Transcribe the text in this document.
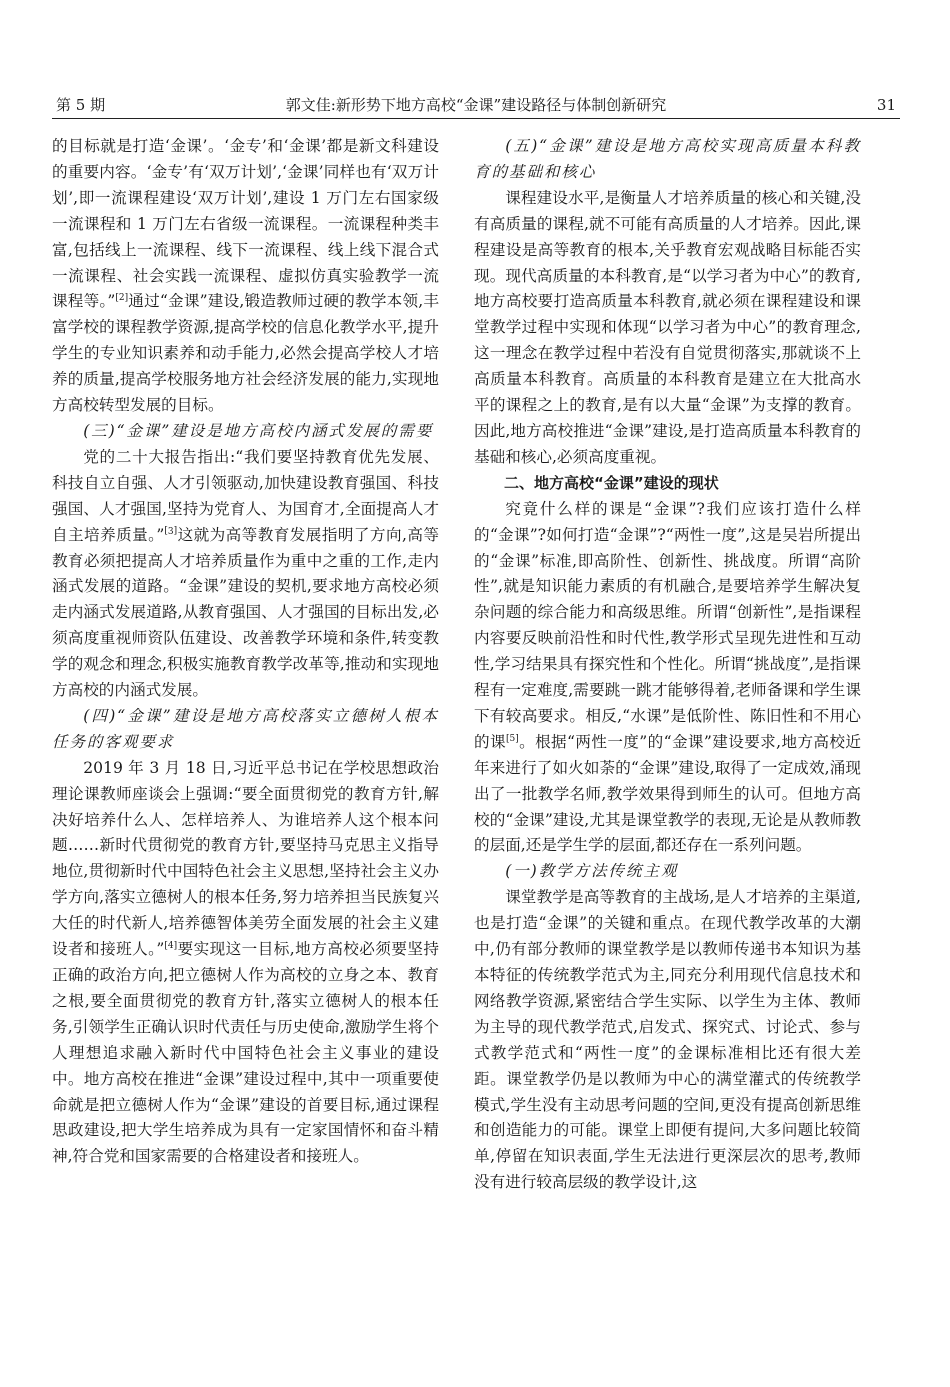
第 5 期	郭文佳:新形势下地方高校“金课”建设路径与体制创新研究	31

的目标就是打造‘金课’。‘金专’和‘金课’都是新文科建设的重要内容。‘金专’有‘双万计划’,‘金课’同样也有‘双万计划’,即一流课程建设‘双万计划’,建设 1 万门左右国家级一流课程和 1 万门左右省级一流课程。一流课程种类丰富,包括线上一流课程、线下一流课程、线上线下混合式一流课程、社会实践一流课程、虚拟仿真实验教学一流课程等。” [ $^2$ ] 通过“金课”建设,锻造教师过硬的教学本领,丰富学校的课程教学资源,提高学校的信息化教学水平,提升学生的专业知识素养和动手能力,必然会提高学校人才培养的质量,提高学校服务地方社会经济发展的能力,实现地方高校转型发展的目标。

(三)“金课”建设是地方高校内涵式发展的需要

党的二十大报告指出:“我们要坚持教育优先发展、科技自立自强、人才引领驱动,加快建设教育强国、科技强国、人才强国,坚持为党育人、为国育才,全面提高人才自主培养质量。” [ $^3$ ] 这就为高等教育发展指明了方向,高等教育必须把提高人才培养质量作为重中之重的工作,走内涵式发展的道路。“金课”建设的契机,要求地方高校必须走内涵式发展道路,从教育强国、人才强国的目标出发,必须高度重视师资队伍建设、改善教学环境和条件,转变教学的观念和理念,积极实施教育教学改革等,推动和实现地方高校的内涵式发展。

(四)“金课”建设是地方高校落实立德树人根本任务的客观要求

2019 年 3 月 18 日,习近平总书记在学校思想政治理论课教师座谈会上强调:“要全面贯彻党的教育方针,解决好培养什么人、怎样培养人、为谁培养人这个根本问题……新时代贯彻党的教育方针,要坚持马克思主义指导地位,贯彻新时代中国特色社会主义思想,坚持社会主义办学方向,落实立德树人的根本任务,努力培养担当民族复兴大任的时代新人,培养德智体美劳全面发展的社会主义建设者和接班人。” [ $^4$ ] 要实现这一目标,地方高校必须要坚持正确的政治方向,把立德树人作为高校的立身之本、教育之根,要全面贯彻党的教育方针,落实立德树人的根本任务,引领学生正确认识时代责任与历史使命,激励学生将个人理想追求融入新时代中国特色社会主义事业的建设中。地方高校在推进“金课”建设过程中,其中一项重要使命就是把立德树人作为“金课”建设的首要目标,通过课程思政建设,把大学生培养成为具有一定家国情怀和奋斗精神,符合党和国家需要的合格建设者和接班人。

(五)“金课”建设是地方高校实现高质量本科教育的基础和核心

课程建设水平,是衡量人才培养质量的核心和关键,没有高质量的课程,就不可能有高质量的人才培养。因此,课程建设是高等教育的根本,关乎教育宏观战略目标能否实现。现代高质量的本科教育,是“以学习者为中心”的教育,地方高校要打造高质量本科教育,就必须在课程建设和课堂教学过程中实现和体现“以学习者为中心”的教育理念,这一理念在教学过程中若没有自觉贯彻落实,那就谈不上高质量本科教育。高质量的本科教育是建立在大批高水平的课程之上的教育,是有以大量“金课”为支撑的教育。因此,地方高校推进“金课”建设,是打造高质量本科教育的基础和核心,必须高度重视。

二、地方高校“金课”建设的现状

究竟什么样的课是“金课”?我们应该打造什么样的“金课”?如何打造“金课”?“两性一度”,这是吴岩所提出的“金课”标准,即高阶性、创新性、挑战度。所谓“高阶性”,就是知识能力素质的有机融合,是要培养学生解决复杂问题的综合能力和高级思维。所谓“创新性”,是指课程内容要反映前沿性和时代性,教学形式呈现先进性和互动性,学习结果具有探究性和个性化。所谓“挑战度”,是指课程有一定难度,需要跳一跳才能够得着,老师备课和学生课下有较高要求。相反,“水课”是低阶性、陈旧性和不用心的课 [ $^5$ ] 。根据“两性一度”的“金课”建设要求,地方高校近年来进行了如火如荼的“金课”建设,取得了一定成效,涌现出了一批教学名师,教学效果得到师生的认可。但地方高校的“金课”建设,尤其是课堂教学的表现,无论是从教师教的层面,还是学生学的层面,都还存在一系列问题。

(一)教学方法传统主观

课堂教学是高等教育的主战场,是人才培养的主渠道,也是打造“金课”的关键和重点。在现代教学改革的大潮中,仍有部分教师的课堂教学是以教师传递书本知识为基本特征的传统教学范式为主,同充分利用现代信息技术和网络教学资源,紧密结合学生实际、以学生为主体、教师为主导的现代教学范式,启发式、探究式、讨论式、参与式教学范式和“两性一度”的金课标准相比还有很大差距。课堂教学仍是以教师为中心的满堂灌式的传统教学模式,学生没有主动思考问题的空间,更没有提高创新思维和创造能力的可能。课堂上即便有提问,大多问题比较简单,停留在知识表面,学生无法进行更深层次的思考,教师没有进行较高层级的教学设计,这
